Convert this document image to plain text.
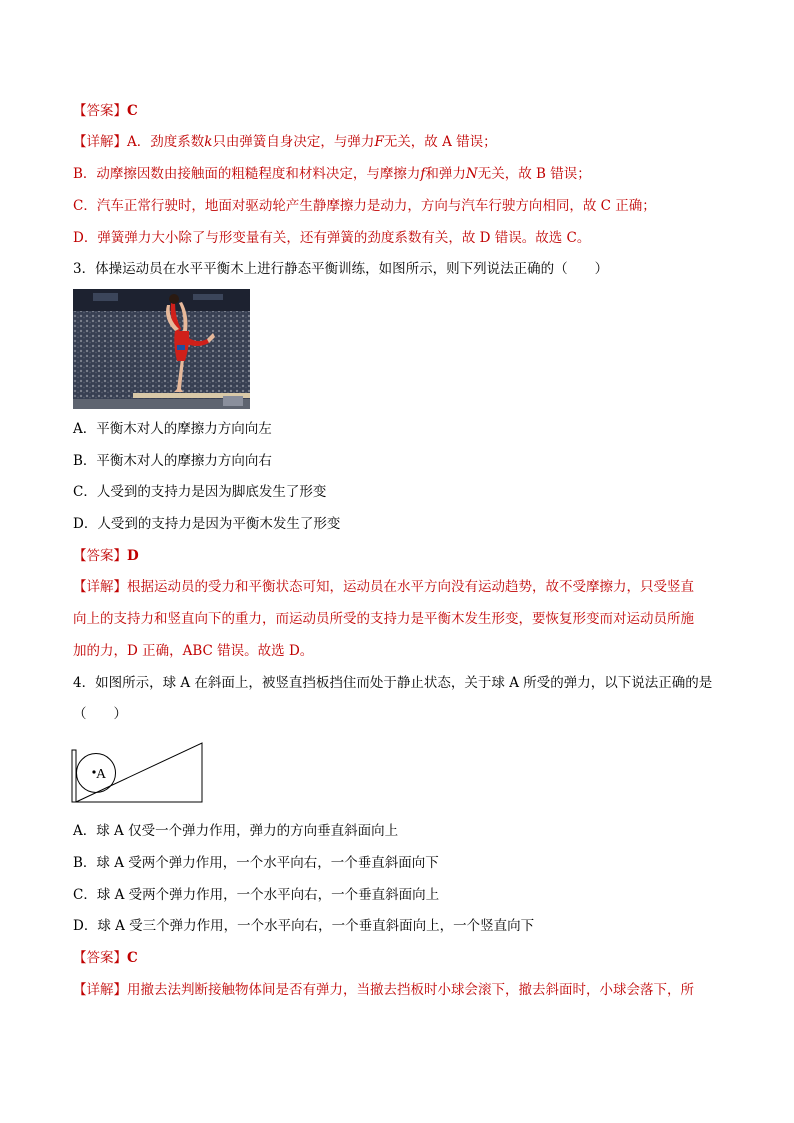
【答案】C
【详解】A．劲度系数k只由弹簧自身决定，与弹力F无关，故 A 错误；
B．动摩擦因数由接触面的粗糙程度和材料决定，与摩擦力f和弹力N无关，故 B 错误；
C．汽车正常行驶时，地面对驱动轮产生静摩擦力是动力，方向与汽车行驶方向相同，故 C 正确；
D．弹簧弹力大小除了与形变量有关，还有弹簧的劲度系数有关，故 D 错误。故选 C。
3．体操运动员在水平平衡木上进行静态平衡训练，如图所示，则下列说法正确的（　　）
A．平衡木对人的摩擦力方向向左
B．平衡木对人的摩擦力方向向右
C．人受到的支持力是因为脚底发生了形变
D．人受到的支持力是因为平衡木发生了形变
【答案】D
【详解】根据运动员的受力和平衡状态可知，运动员在水平方向没有运动趋势，故不受摩擦力，只受竖直
向上的支持力和竖直向下的重力，而运动员所受的支持力是平衡木发生形变，要恢复形变而对运动员所施
加的力，D 正确，ABC 错误。故选 D。
4．如图所示，球 A 在斜面上，被竖直挡板挡住而处于静止状态，关于球 A 所受的弹力，以下说法正确的是
（　　）
A
A．球 A 仅受一个弹力作用，弹力的方向垂直斜面向上
B．球 A 受两个弹力作用，一个水平向右，一个垂直斜面向下
C．球 A 受两个弹力作用，一个水平向右，一个垂直斜面向上
D．球 A 受三个弹力作用，一个水平向右，一个垂直斜面向上，一个竖直向下
【答案】C
【详解】用撤去法判断接触物体间是否有弹力，当撤去挡板时小球会滚下，撤去斜面时，小球会落下，所
